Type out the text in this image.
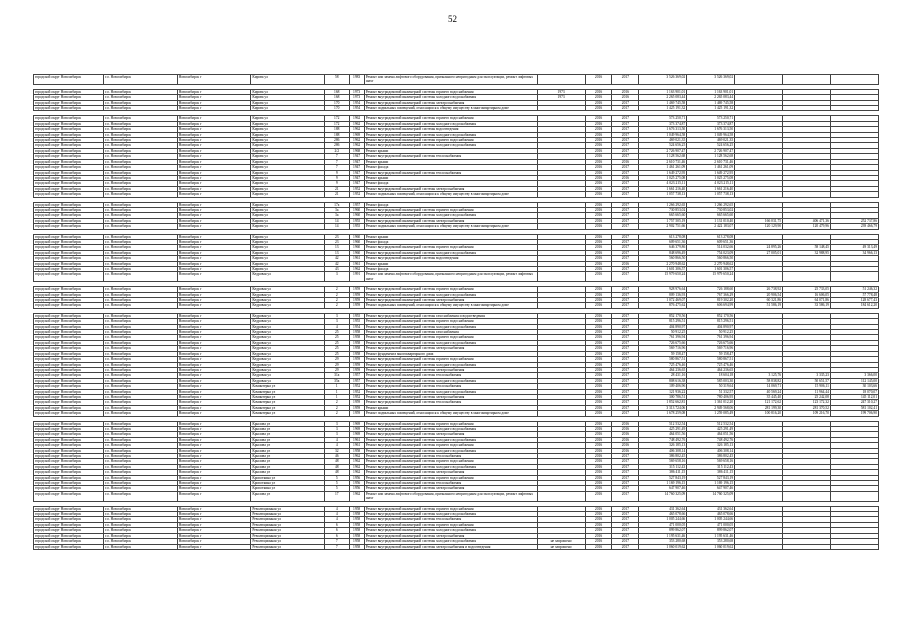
52
городской округ Новосибирск	г.о. Новосибирск	Новосибирск г	Кирова ул	58	1983	Ремонт или замена лифтового оборудования, признанного непригодным для эксплуатации, ремонт лифтовых шахт		2016	2017	3 526 369,02	3 526 369,02			

городской округ Новосибирск	г.о. Новосибирск	Новосибирск г	Кирова ул	168	1973	Ремонт внутридомовой инженерной системы горячего водоснабжения	1973	2016	2016	1 163 901,01	1 163 901,01			
городской округ Новосибирск	г.о. Новосибирск	Новосибирск г	Кирова ул	168	1973	Ремонт внутридомовой инженерной системы холодного водоснабжения	1973	2016	2016	2 265 083,44	2 265 083,44			
городской округ Новосибирск	г.о. Новосибирск	Новосибирск г	Кирова ул	170	1954	Ремонт внутридомовой инженерной системы электроснабжения		2016	2017	1 469 745,58	1 469 745,58			
городской округ Новосибирск	г.о. Новосибирск	Новосибирск г	Кирова ул	170	1954	Ремонт подвальных помещений, относящихся к общему имуществу в многоквартирном доме		2016	2017	1 425 191,32	1 425 191,32			

городской округ Новосибирск	г.о. Новосибирск	Новосибирск г	Кирова ул	172	1962	Ремонт внутридомовой инженерной системы горячего водоснабжения		2016	2017	573 250,71	573 250,71			
городской округ Новосибирск	г.о. Новосибирск	Новосибирск г	Кирова ул	172	1962	Ремонт внутридомовой инженерной системы холодного водоснабжения		2016	2017	373 374,87	373 374,87			
городской округ Новосибирск	г.о. Новосибирск	Новосибирск г	Кирова ул	188	1962	Ремонт внутридомовой инженерной системы водоотведения		2016	2017	1 676 313,50	1 676 313,50			
городской округ Новосибирск	г.о. Новосибирск	Новосибирск г	Кирова ул	188	1969	Ремонт внутридомовой инженерной системы холодного водоснабжения		2016	2017	1 049 964,58	1 049 964,58			
городской округ Новосибирск	г.о. Новосибирск	Новосибирск г	Кирова ул	286	1962	Ремонт внутридомовой инженерной системы горячего водоснабжения		2016	2017	469 021,35	469 021,35			
городской округ Новосибирск	г.о. Новосибирск	Новосибирск г	Кирова ул	286	1962	Ремонт внутридомовой инженерной системы холодного водоснабжения		2016	2017	524 656,25	524 656,25			
городской округ Новосибирск	г.о. Новосибирск	Новосибирск г	Кирова ул	2/2	1968	Ремонт крыши		2016	2017	2 726 907,47	2 726 907,47			
городской округ Новосибирск	г.о. Новосибирск	Новосибирск г	Кирова ул	7	1947	Ремонт внутридомовой инженерной системы теплоснабжения		2016	2017	1 128 562,68	1 128 562,68			
городской округ Новосибирск	г.о. Новосибирск	Новосибирск г	Кирова ул	7	1947	Ремонт крыши		2016	2016	2 610 731,46	2 610 731,46			
городской округ Новосибирск	г.о. Новосибирск	Новосибирск г	Кирова ул	7	1947	Ремонт фасада		2016	2017	1 461 261,09	1 461 261,09			
городской округ Новосибирск	г.о. Новосибирск	Новосибирск г	Кирова ул	9	1947	Ремонт внутридомовой инженерной системы теплоснабжения		2016	2017	1 649 272,95	1 649 272,95			
городской округ Новосибирск	г.о. Новосибирск	Новосибирск г	Кирова ул	9	1947	Ремонт крыши		2016	2016	1 025 275,08	1 025 275,08			
городской округ Новосибирск	г.о. Новосибирск	Новосибирск г	Кирова ул	9	1947	Ремонт фасада		2016	2017	4 023 215,11	4 023 215,11			
городской округ Новосибирск	г.о. Новосибирск	Новосибирск г	Кирова ул	21	1952	Ремонт внутридомовой инженерной системы электроснабжения		2016	2017	1 661 216,40	1 661 216,40			
городской округ Новосибирск	г.о. Новосибирск	Новосибирск г	Кирова ул	21	1952	Ремонт подвальных помещений, относящихся к общему имуществу в многоквартирном доме		2016	2017	1 057 738,13	1 057 738,13			

городской округ Новосибирск	г.о. Новосибирск	Новосибирск г	Кирова ул	17а	1957	Ремонт фасада		2016	2017	1 266 292,65	1 266 292,65			
городской округ Новосибирск	г.о. Новосибирск	Новосибирск г	Кирова ул	3а	1960	Ремонт внутридомовой инженерной системы горячего водоснабжения		2016	2017	730 853,02	730 853,02			
городской округ Новосибирск	г.о. Новосибирск	Новосибирск г	Кирова ул	3а	1960	Ремонт внутридомовой инженерной системы холодного водоснабжения		2016	2017	665 665,60	665 665,60			
городской округ Новосибирск	г.о. Новосибирск	Новосибирск г	Кирова ул	14	1955	Ремонт внутридомовой инженерной системы электроснабжения		2016	2017	1 757 505,19	1 131 010,40	166 031,75	406 471,36	252 737,86
городской округ Новосибирск	г.о. Новосибирск	Новосибирск г	Кирова ул	14	1955	Ремонт подвальных помещений, относящихся к общему имуществу в многоквартирном доме		2016	2017	2 902 751,66	2 422 183,07	120 129,90	120 479,96	239 466,79

городской округ Новосибирск	г.о. Новосибирск	Новосибирск г	Кирова ул	23	1960	Ремонт крыши		2016	2017	613 278,08	613 278,08			
городской округ Новосибирск	г.о. Новосибирск	Новосибирск г	Кирова ул	23	1960	Ремонт фасада		2016	2017	609 651,36	609 651,36			
городской округ Новосибирск	г.о. Новосибирск	Новосибирск г	Кирова ул	13	1960	Ремонт внутридомовой инженерной системы горячего водоснабжения		2016	2017	646 379,86	514 032,66	24 895,26	58 148,45	49 313,49
городской округ Новосибирск	г.о. Новосибирск	Новосибирск г	Кирова ул	13	1960	Ремонт внутридомовой инженерной системы холодного водоснабжения		2016	2017	848 696,49	754 023,09	27 005,01	32 988,95	34 966,13
городской округ Новосибирск	г.о. Новосибирск	Новосибирск г	Кирова ул	42	1961	Ремонт внутридомовой инженерной системы водоотведения		2016	2017	560 866,50	560 866,50			
городской округ Новосибирск	г.о. Новосибирск	Новосибирск г	Кирова ул	42	1961	Ремонт крыши		2016	2016	2 270 948,62	2 270 948,62			
городской округ Новосибирск	г.о. Новосибирск	Новосибирск г	Кирова ул	43	1962	Ремонт фасада		2016	2017	1 601 306,57	1 601 306,57			
городской округ Новосибирск	г.о. Новосибирск	Новосибирск г	Кедровая ул	3	1991	Ремонт или замена лифтового оборудования, признанного непригодным для эксплуатации, ремонт лифтовых шахт		2016	2017	15 979 650,24	15 979 650,24			

городской округ Новосибирск	г.о. Новосибирск	Новосибирск г	Кедровая ул	2	1959	Ремонт внутридомовой инженерной системы горячего водоснабжения		2016	2017	928 976,64	726 188,60	26 738,92	25 733,05	51 246,32
городской округ Новосибирск	г.о. Новосибирск	Новосибирск г	Кедровая ул	2	1959	Ремонт внутридомовой инженерной системы холодного водоснабжения		2016	2017	809 136,93	767 366,29	20 906,54	16 606,05	57 778,48
городской округ Новосибирск	г.о. Новосибирск	Новосибирск г	Кедровая ул	2	1959	Ремонт внутридомовой инженерной системы электроснабжения		2016	2017	1 072 469,07	819 302,20	60 321,86	64 071,86	128 677,43
городской округ Новосибирск	г.о. Новосибирск	Новосибирск г	Кедровая ул	2	1959	Ремонт подвальных помещений, относящихся к общему имуществу в многоквартирном доме		2016	2017	876 475,62	606 694,99	51 586,19	33 586,19	184 612,20

городской округ Новосибирск	г.о. Новосибирск	Новосибирск г	Кедровая ул	3	1955	Ремонт внутридомовой инженерной системы газоснабжения и водоотведения		2016	2017	852 170,56	852 170,56			
городской округ Новосибирск	г.о. Новосибирск	Новосибирск г	Кедровая ул	3	1955	Ремонт внутридомовой инженерной системы горячего водоснабжения		2016	2017	815 296,51	815 296,51			
городской округ Новосибирск	г.о. Новосибирск	Новосибирск г	Кедровая ул	4	1954	Ремонт внутридомовой инженерной системы холодного водоснабжения		2016	2017	404 890,97	404 890,97			
городской округ Новосибирск	г.о. Новосибирск	Новосибирск г	Кедровая ул	25	1958	Ремонт внутридомовой инженерной системы газоснабжения		2016	2017	50 912,25	50 912,25			
городской округ Новосибирск	г.о. Новосибирск	Новосибирск г	Кедровая ул	25	1958	Ремонт внутридомовой инженерной системы горячего водоснабжения		2016	2017	761 396,94	761 396,94			
городской округ Новосибирск	г.о. Новосибирск	Новосибирск г	Кедровая ул	25	1958	Ремонт внутридомовой инженерной системы холодного водоснабжения		2016	2017	726 675,66	726 675,66			
городской округ Новосибирск	г.о. Новосибирск	Новосибирск г	Кедровая ул	25	1958	Ремонт внутридомовой инженерной системы электроснабжения		2016	2017	569 716,96	569 716,96			
городской округ Новосибирск	г.о. Новосибирск	Новосибирск г	Кедровая ул	25	1958	Ремонт фундамента многоквартирного дома		2016	2017	59 158,47	59 158,47			
городской округ Новосибирск	г.о. Новосибирск	Новосибирск г	Кедровая ул	29	1959	Ремонт внутридомовой инженерной системы горячего водоснабжения		2016	2017	580 867,51	580 867,51			
городской округ Новосибирск	г.о. Новосибирск	Новосибирск г	Кедровая ул	29	1959	Ремонт внутридомовой инженерной системы холодного водоснабжения		2016	2017	725 476,46	725 476,46			
городской округ Новосибирск	г.о. Новосибирск	Новосибирск г	Кедровая ул	29	1959	Ремонт внутридомовой инженерной системы электроснабжения		2016	2017	464 236,65	464 236,65			
городской округ Новосибирск	г.о. Новосибирск	Новосибирск г	Кедровая ул	31а	1957	Ремонт внутридомовой инженерной системы теплоснабжения		2016	2017	28 431,16	18 604,18	3 125,76	3 335,23	3 366,00
городской округ Новосибирск	г.о. Новосибирск	Новосибирск г	Кедровая ул	35а	1957	Ремонт внутридомовой инженерной системы холодного водоснабжения		2016	2017	808 616,38	585 003,30	58 838,82	50 651,57	112 145,00
городской округ Новосибирск	г.о. Новосибирск	Новосибирск г	Коминтерна ул	1	1952	Ремонт внутридомовой инженерной системы теплоснабжения		2016	2017	109 406,96	50 319,64	14 069,71	15 906,11	30 103,66
городской округ Новосибирск	г.о. Новосибирск	Новосибирск г	Коминтерна ул	1	1952	Ремонт внутридомовой инженерной системы холодного водоснабжения		2016	2017	121 936,22	51 332,57	40 569,24	11 964,44	18 070,07
городской округ Новосибирск	г.о. Новосибирск	Новосибирск г	Коминтерна ул	1	1952	Ремонт внутридомовой инженерной системы электроснабжения		2016	2017	300 786,51	780 406,95	35 445,40	25 242,08	145 112,01
городской округ Новосибирск	г.о. Новосибирск	Новосибирск г	Коминтерна ул	2	1959	Ремонт внутридомовой инженерной системы теплоснабжения		2016	2017	1 852 662,81	1 361 012,20	121 172,62	123 172,32	247 310,27
городской округ Новосибирск	г.о. Новосибирск	Новосибирск г	Коминтерна ул	2	1959	Ремонт крыши		2016	2017	3 313 724,06	2 949 568,06	281 199,30	281 370,52	581 102,41
городской округ Новосибирск	г.о. Новосибирск	Новосибирск г	Коминтерна ул	2	1959	Ремонт подвальных помещений, относящихся к общему имуществу в многоквартирном доме		2016	2017	1 678 259,08	1 259 085,49	100 816,20	109 216,70	199 706,90

городской округ Новосибирск	г.о. Новосибирск	Новосибирск г	Крылова ул	3	1969	Ремонт внутридомовой инженерной системы горячего водоснабжения		2016	2016	512 532,54	512 532,54			
городской округ Новосибирск	г.о. Новосибирск	Новосибирск г	Крылова ул	3	1969	Ремонт внутридомовой инженерной системы холодного водоснабжения		2016	2016	425 291,49	425 291,49			
городской округ Новосибирск	г.о. Новосибирск	Новосибирск г	Крылова ул	3	1969	Ремонт внутридомовой инженерной системы электроснабжения		2016	2016	464 051,56	464 051,56			
городской округ Новосибирск	г.о. Новосибирск	Новосибирск г	Крылова ул	4	1961	Ремонт внутридомовой инженерной системы холодного водоснабжения		2016	2016	748 492,76	748 492,76			
городской округ Новосибирск	г.о. Новосибирск	Новосибирск г	Крылова ул	4	1961	Ремонт внутридомовой инженерной системы горячего водоснабжения		2016	2016	326 185,13	326 185,13			
городской округ Новосибирск	г.о. Новосибирск	Новосибирск г	Крылова ул	32	1958	Ремонт внутридомовой инженерной системы холодного водоснабжения		2016	2016	406 308,14	406 308,14			
городской округ Новосибирск	г.о. Новосибирск	Новосибирск г	Крылова ул	46	1962	Ремонт внутридомовой инженерной системы теплоснабжения		2016	2017	386 802,45	386 802,45			
городской округ Новосибирск	г.о. Новосибирск	Новосибирск г	Крылова ул	48	1962	Ремонт внутридомовой инженерной системы горячего водоснабжения		2016	2017	569 658,16	569 658,16			
городской округ Новосибирск	г.о. Новосибирск	Новосибирск г	Крылова ул	48	1962	Ремонт внутридомовой инженерной системы холодного водоснабжения		2016	2017	315 112,43	315 112,43			
городской округ Новосибирск	г.о. Новосибирск	Новосибирск г	Крылова ул	48	1962	Ремонт внутридомовой инженерной системы электроснабжения		2016	2017	386 411,15	386 411,15			
городской округ Новосибирск	г.о. Новосибирск	Новосибирск г	Кропоткина ул	5	1956	Ремонт внутридомовой инженерной системы горячего водоснабжения		2016	2017	527 843,19	527 843,19			
городской округ Новосибирск	г.о. Новосибирск	Новосибирск г	Кропоткина ул	5	1956	Ремонт внутридомовой инженерной системы теплоснабжения		2016	2017	1 169 196,15	1 169 196,15			
городской округ Новосибирск	г.о. Новосибирск	Новосибирск г	Кропоткина ул	5	1956	Ремонт внутридомовой инженерной системы электроснабжения		2016	2017	647 907,46	647 907,46			
городской округ Новосибирск	г.о. Новосибирск	Новосибирск г	Крылова ул	17	1962	Ремонт или замена лифтового оборудования, признанного непригодным для эксплуатации, ремонт лифтовых шахт		2016	2017	14 760 325,09	14 760 325,09			

городской округ Новосибирск	г.о. Новосибирск	Новосибирск г	Революционная ул	4	1958	Ремонт внутридомовой инженерной системы горячего водоснабжения		2016	2017	431 362,64	431 362,64			
городской округ Новосибирск	г.о. Новосибирск	Новосибирск г	Революционная ул	4	1958	Ремонт внутридомовой инженерной системы холодного водоснабжения		2016	2017	465 078,66	465 078,66			
городской округ Новосибирск	г.о. Новосибирск	Новосибирск г	Революционная ул	4	1958	Ремонт внутридомовой инженерной системы теплоснабжения		2016	2017	1 005 244,66	1 005 244,66			
городской округ Новосибирск	г.о. Новосибирск	Новосибирск г	Революционная ул	6	1958	Ремонт внутридомовой инженерной системы горячего водоснабжения		2016	2017	471 000,05	471 000,05			
городской округ Новосибирск	г.о. Новосибирск	Новосибирск г	Революционная ул	6	1958	Ремонт внутридомовой инженерной системы холодного водоснабжения		2016	2017	899 862,07	899 862,07			
городской округ Новосибирск	г.о. Новосибирск	Новосибирск г	Революционная ул	6	1958	Ремонт внутридомовой инженерной системы электроснабжения		2016	2017	1 195 631,46	1 195 631,46			
городской округ Новосибирск	г.о. Новосибирск	Новосибирск г	Революционная ул	7	1958	Ремонт внутридомовой инженерной системы холодного водоснабжения	не запрошено	2016	2017	353 280,68	353 280,68			
городской округ Новосибирск	г.о. Новосибирск	Новосибирск г	Революционная ул	7	1958	Ремонт внутридомовой инженерной системы электроснабжения и водоотведения	не запрошено	2016	2017	1 060 019,62	1 060 019,62			
